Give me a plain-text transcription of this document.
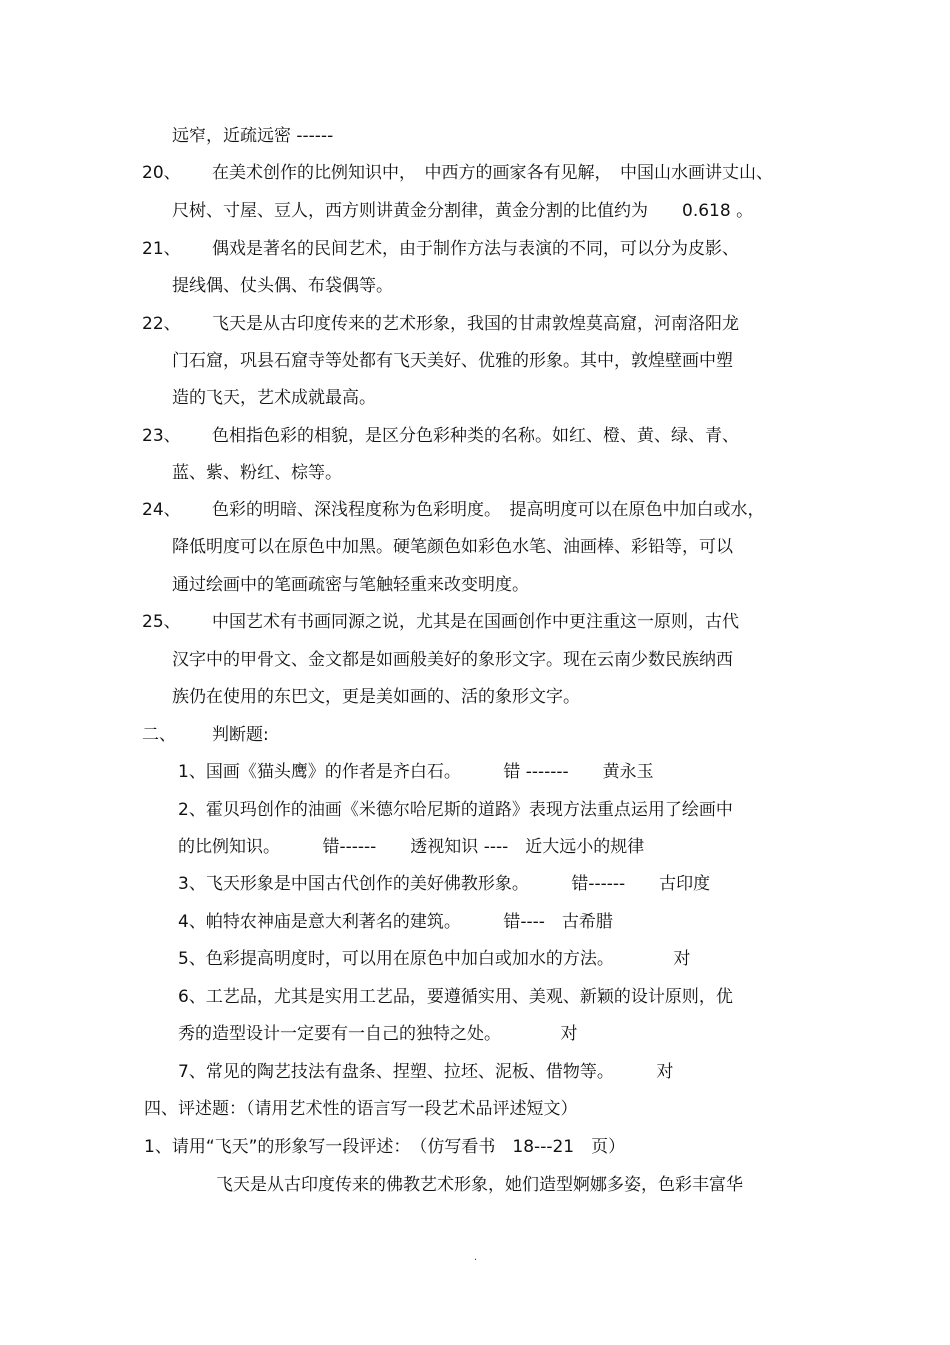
远窄，近疏远密 ------
20、 在美术创作的比例知识中，　中西方的画家各有见解，　中国山水画讲丈山、
尺树、寸屋、豆人，西方则讲黄金分割律，黄金分割的比值约为　　0.618 。
21、 偶戏是著名的民间艺术，由于制作方法与表演的不同，可以分为皮影、
提线偶、仗头偶、布袋偶等。
22、 飞天是从古印度传来的艺术形象，我国的甘肃敦煌莫高窟，河南洛阳龙
门石窟，巩县石窟寺等处都有飞天美好、优雅的形象。其中，敦煌壁画中塑
造的飞天，艺术成就最高。
23、 色相指色彩的相貌，是区分色彩种类的名称。如红、橙、黄、绿、青、
蓝、紫、粉红、棕等。
24、 色彩的明暗、深浅程度称为色彩明度。　提高明度可以在原色中加白或水，
降低明度可以在原色中加黑。硬笔颜色如彩色水笔、油画棒、彩铅等，可以
通过绘画中的笔画疏密与笔触轻重来改变明度。
25、 中国艺术有书画同源之说，尤其是在国画创作中更注重这一原则，古代
汉字中的甲骨文、金文都是如画般美好的象形文字。现在云南少数民族纳西
族仍在使用的东巴文，更是美如画的、活的象形文字。
二、 判断题:
1、国画《猫头鹰》的作者是齐白石。　　　错 -------　　黄永玉
2、霍贝玛创作的油画《米德尔哈尼斯的道路》表现方法重点运用了绘画中
的比例知识。　　　错------　　透视知识 ----　近大远小的规律
3、飞天形象是中国古代创作的美好佛教形象。　　　错------　　古印度
4、帕特农神庙是意大利著名的建筑。　　　错----　古希腊
5、色彩提高明度时，可以用在原色中加白或加水的方法。　　　　对
6、工艺品，尤其是实用工艺品，要遵循实用、美观、新颖的设计原则，优
秀的造型设计一定要有一自己的独特之处。　　　　对
7、常见的陶艺技法有盘条、捏塑、拉坯、泥板、借物等。　　　对
四、评述题：（请用艺术性的语言写一段艺术品评述短文）
1、请用“飞天”的形象写一段评述：　（仿写看书　18---21　页）
飞天是从古印度传来的佛教艺术形象，她们造型婀娜多姿，色彩丰富华
.
